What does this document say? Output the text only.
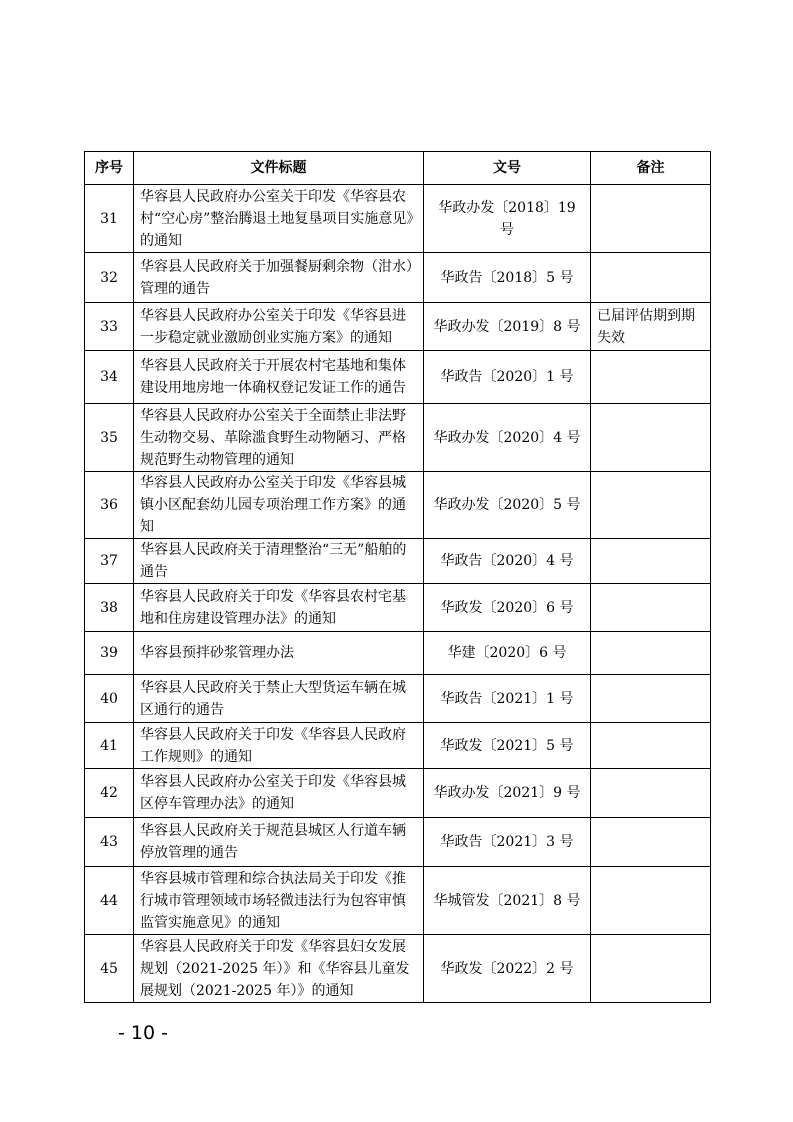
序号	文件标题	文号	备注
31	华容县人民政府办公室关于印发《华容县农村“空心房”整治腾退土地复垦项目实施意见》的通知	华政办发〔2018〕19 号	
32	华容县人民政府关于加强餐厨剩余物（泔水）管理的通告	华政告〔2018〕5 号	
33	华容县人民政府办公室关于印发《华容县进一步稳定就业激励创业实施方案》的通知	华政办发〔2019〕8 号	已届评估期到期失效
34	华容县人民政府关于开展农村宅基地和集体建设用地房地一体确权登记发证工作的通告	华政告〔2020〕1 号	
35	华容县人民政府办公室关于全面禁止非法野生动物交易、革除滥食野生动物陋习、严格规范野生动物管理的通知	华政办发〔2020〕4 号	
36	华容县人民政府办公室关于印发《华容县城镇小区配套幼儿园专项治理工作方案》的通知	华政办发〔2020〕5 号	
37	华容县人民政府关于清理整治“三无”船舶的通告	华政告〔2020〕4 号	
38	华容县人民政府关于印发《华容县农村宅基地和住房建设管理办法》的通知	华政发〔2020〕6 号	
39	华容县预拌砂浆管理办法	华建〔2020〕6 号	
40	华容县人民政府关于禁止大型货运车辆在城区通行的通告	华政告〔2021〕1 号	
41	华容县人民政府关于印发《华容县人民政府工作规则》的通知	华政发〔2021〕5 号	
42	华容县人民政府办公室关于印发《华容县城区停车管理办法》的通知	华政办发〔2021〕9 号	
43	华容县人民政府关于规范县城区人行道车辆停放管理的通告	华政告〔2021〕3 号	
44	华容县城市管理和综合执法局关于印发《推行城市管理领域市场轻微违法行为包容审慎监管实施意见》的通知	华城管发〔2021〕8 号	
45	华容县人民政府关于印发《华容县妇女发展规划（2021-2025 年）》和《华容县儿童发展规划（2021-2025 年）》的通知	华政发〔2022〕2 号	
- 10 -
